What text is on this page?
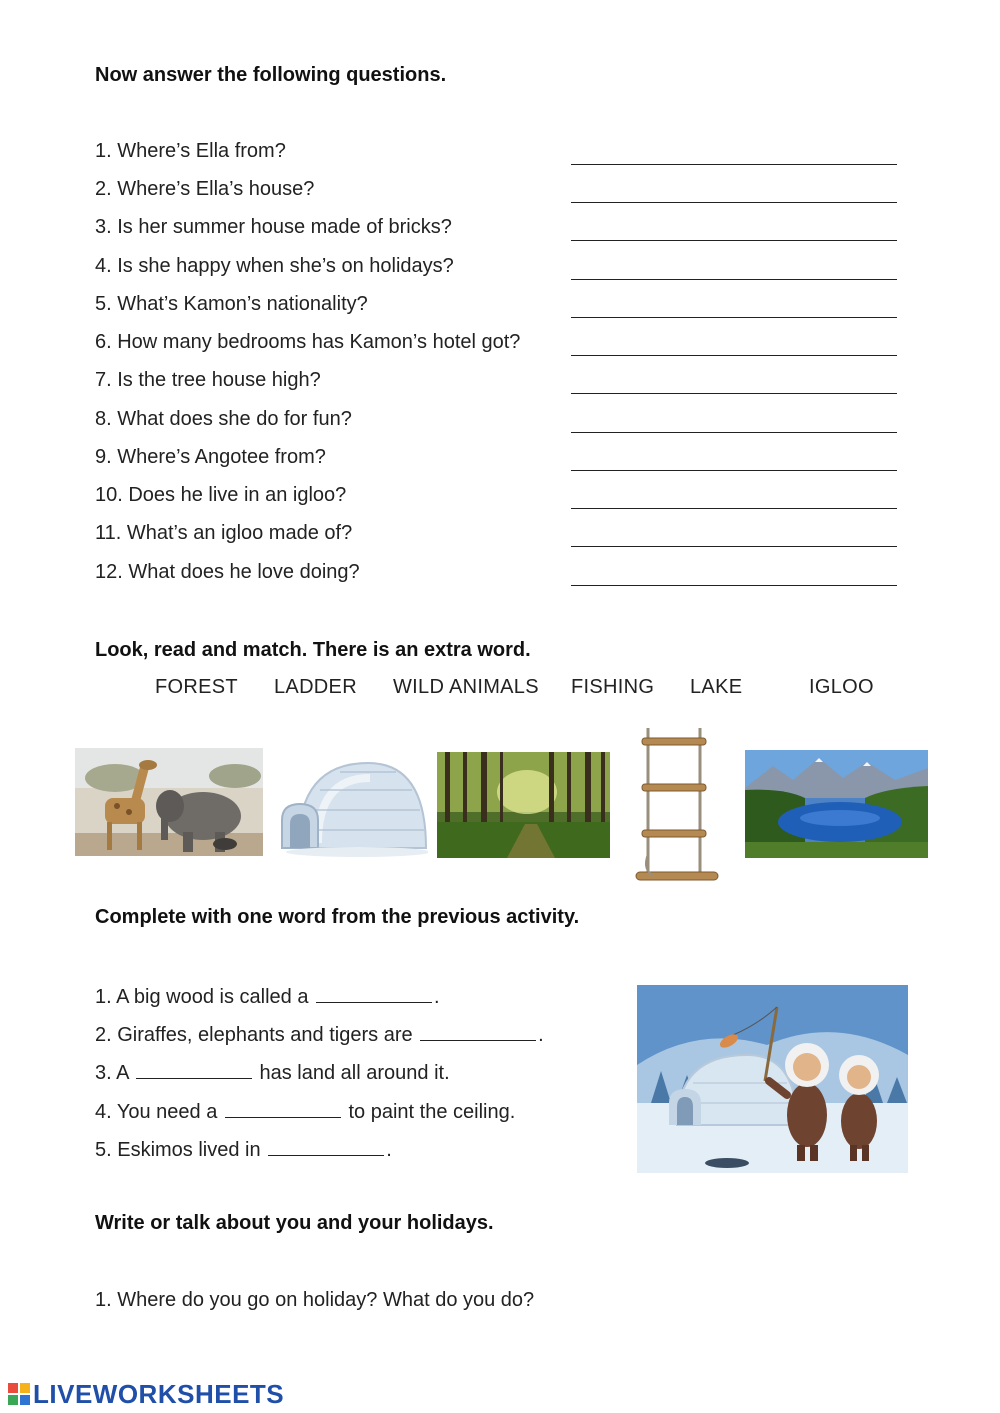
Now answer the following questions.
1. Where’s Ella from?
2. Where’s Ella’s house?
3. Is her summer house made of bricks?
4. Is she happy when she’s on holidays?
5. What’s Kamon’s nationality?
6. How many bedrooms has Kamon’s hotel got?
7. Is the tree house high?
8. What does she do for fun?
9. Where’s Angotee from?
10. Does he live in an igloo?
11. What’s an igloo made of?
12. What does he love doing?
Look, read and match. There is an extra word.
FOREST LADDER WILD ANIMALS FISHING LAKE	IGLOO
Complete with one word from the previous activity.
1. A big wood is called a	.
2. Giraffes, elephants and tigers are	.
3. A	has land all around it.
4. You need a	to paint the ceiling.
5. Eskimos lived in	.
Write or talk about you and your holidays.
1. Where do you go on holiday? What do you do?
LIVEWORKSHEETS
